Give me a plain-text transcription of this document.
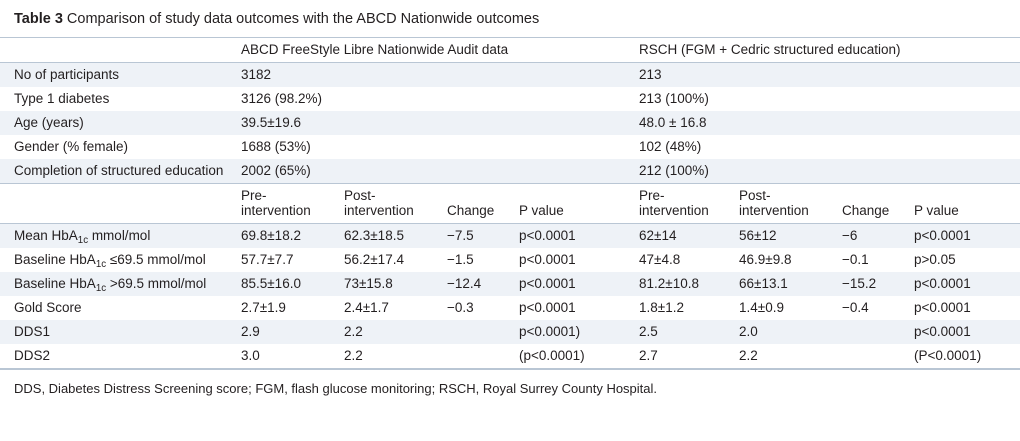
Table 3 Comparison of study data outcomes with the ABCD Nationwide outcomes
	ABCD FreeStyle Libre Nationwide Audit data				RSCH (FGM + Cedric structured education)			
No of participants	3182				213			
Type 1 diabetes	3126 (98.2%)				213 (100%)			
Age (years)	39.5±19.6				48.0 ± 16.8			
Gender (% female)	1688 (53%)				102 (48%)			
Completion of structured education	2002 (65%)				212 (100%)			
	Pre-
intervention	Post-
intervention	Change	P value	Pre-
intervention	Post-
intervention	Change	P value
Mean HbA$_{1c}$ mmol/mol	69.8±18.2	62.3±18.5	−7.5	p<0.0001	62±14	56±12	−6	p<0.0001
Baseline HbA$_{1c}$ ≤69.5 mmol/mol	57.7±7.7	56.2±17.4	−1.5	p<0.0001	47±4.8	46.9±9.8	−0.1	p>0.05
Baseline HbA$_{1c}$ >69.5 mmol/mol	85.5±16.0	73±15.8	−12.4	p<0.0001	81.2±10.8	66±13.1	−15.2	p<0.0001
Gold Score	2.7±1.9	2.4±1.7	−0.3	p<0.0001	1.8±1.2	1.4±0.9	−0.4	p<0.0001
DDS1	2.9	2.2		p<0.0001)	2.5	2.0		p<0.0001
DDS2	3.0	2.2		(p<0.0001)	2.7	2.2		(P<0.0001)
DDS, Diabetes Distress Screening score; FGM, flash glucose monitoring; RSCH, Royal Surrey County Hospital.
